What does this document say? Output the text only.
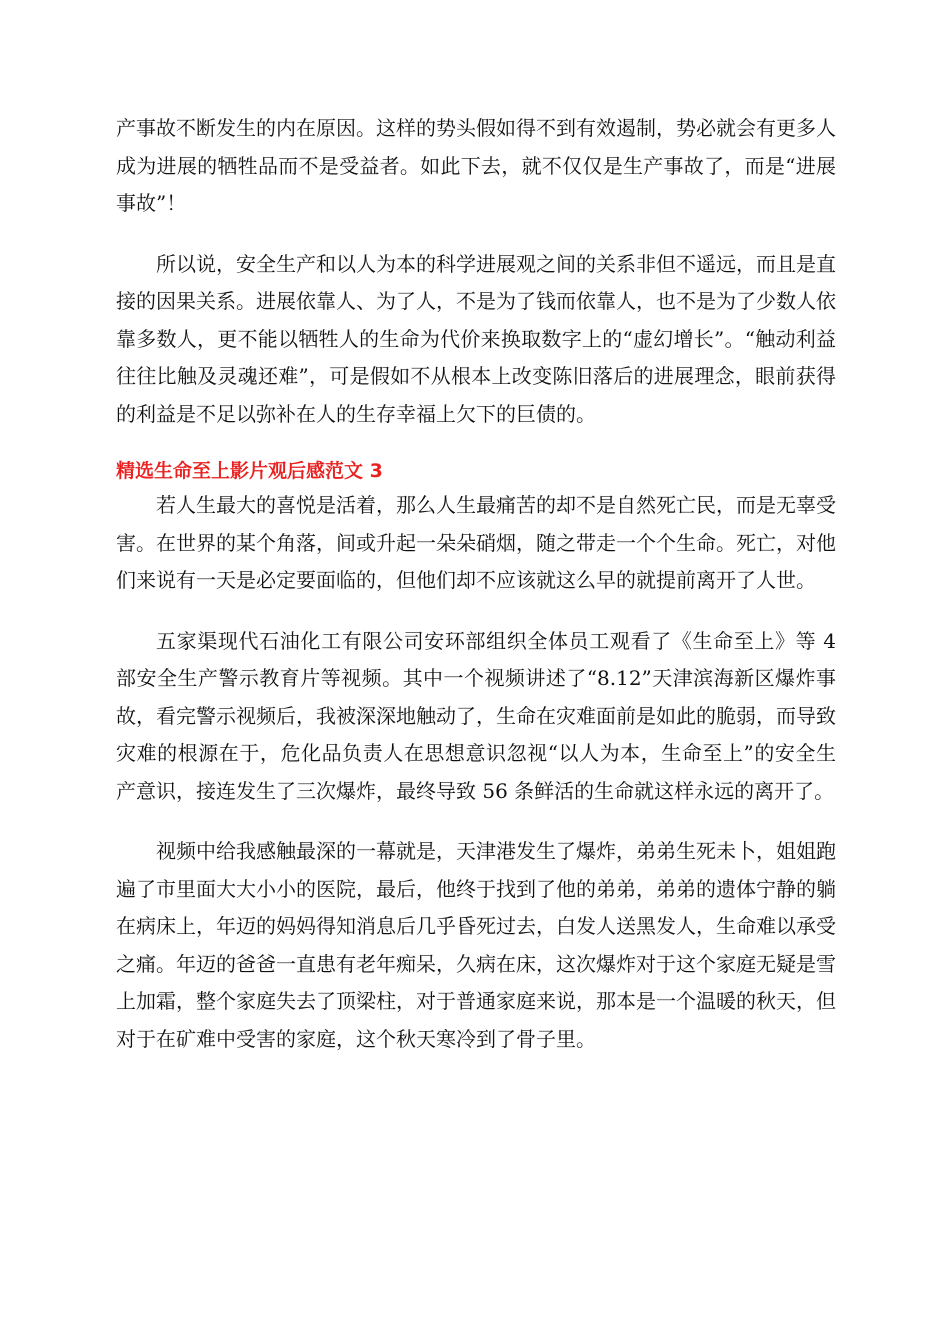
产事故不断发生的内在原因。这样的势头假如得不到有效遏制，势必就会有更多人成为进展的牺牲品而不是受益者。如此下去，就不仅仅是生产事故了，而是“进展事故”！

所以说，安全生产和以人为本的科学进展观之间的关系非但不遥远，而且是直接的因果关系。进展依靠人、为了人，不是为了钱而依靠人，也不是为了少数人依靠多数人，更不能以牺牲人的生命为代价来换取数字上的“虚幻增长”。“触动利益往往比触及灵魂还难”，可是假如不从根本上改变陈旧落后的进展理念，眼前获得的利益是不足以弥补在人的生存幸福上欠下的巨债的。

精选生命至上影片观后感范文 3

若人生最大的喜悦是活着，那么人生最痛苦的却不是自然死亡民，而是无辜受害。在世界的某个角落，间或升起一朵朵硝烟，随之带走一个个生命。死亡，对他们来说有一天是必定要面临的，但他们却不应该就这么早的就提前离开了人世。

五家渠现代石油化工有限公司安环部组织全体员工观看了《生命至上》等 4 部安全生产警示教育片等视频。其中一个视频讲述了“8.12”天津滨海新区爆炸事故，看完警示视频后，我被深深地触动了，生命在灾难面前是如此的脆弱，而导致灾难的根源在于，危化品负责人在思想意识忽视“以人为本，生命至上”的安全生产意识，接连发生了三次爆炸，最终导致 56 条鲜活的生命就这样永远的离开了。

视频中给我感触最深的一幕就是，天津港发生了爆炸，弟弟生死未卜，姐姐跑遍了市里面大大小小的医院，最后，他终于找到了他的弟弟，弟弟的遗体宁静的躺在病床上，年迈的妈妈得知消息后几乎昏死过去，白发人送黑发人，生命难以承受之痛。年迈的爸爸一直患有老年痴呆，久病在床，这次爆炸对于这个家庭无疑是雪上加霜，整个家庭失去了顶梁柱，对于普通家庭来说，那本是一个温暖的秋天，但对于在矿难中受害的家庭，这个秋天寒冷到了骨子里。
